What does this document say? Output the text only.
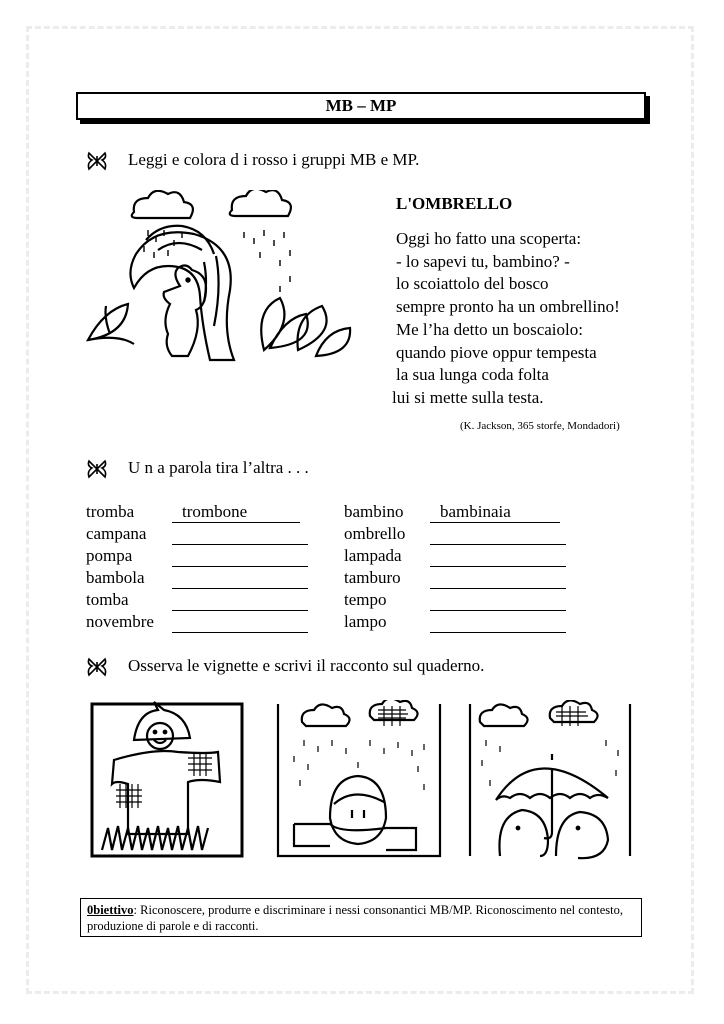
MB – MP
Leggi e colora d i rosso i gruppi MB e MP.
L'OMBRELLO
Oggi ho fatto una scoperta:
- lo sapevi tu, bambino? -
lo scoiattolo del bosco
sempre pronto ha un ombrellino!
Me l’ha detto un boscaiolo:
quando piove oppur tempesta
la sua lunga coda folta
lui si mette sulla testa.
(K. Jackson, 365 storfe, Mondadori)
U n a parola tira l’altra . . .
tromba
campana
pompa
bambola
tomba
novembre
trombone	bambino
ombrello
lampada
tamburo
tempo
lampo
bambinaia
Osserva le vignette e scrivi il racconto sul quaderno.
0biettivo: Riconoscere, produrre e discriminare i nessi consonantici MB/MP. Riconoscimento nel contesto, produzione di parole e di racconti.
